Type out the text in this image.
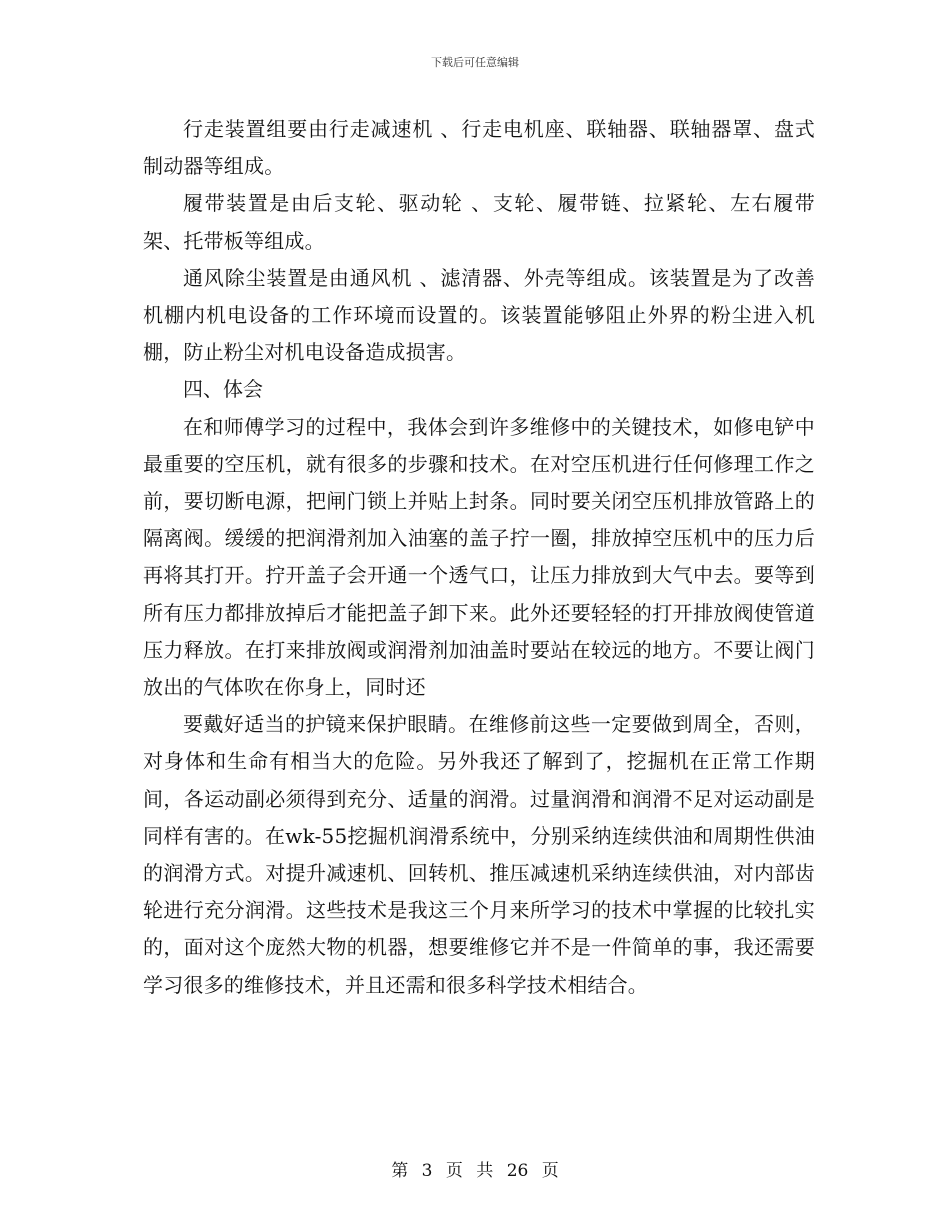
下载后可任意编辑

行走装置组要由行走减速机 、行走电机座、联轴器、联轴器罩、盘式制动器等组成。

履带装置是由后支轮、驱动轮 、支轮、履带链、拉紧轮、左右履带架、托带板等组成。

通风除尘装置是由通风机 、滤清器、外壳等组成。该装置是为了改善机棚内机电设备的工作环境而设置的。该装置能够阻止外界的粉尘进入机棚，防止粉尘对机电设备造成损害。

四、体会

在和师傅学习的过程中，我体会到许多维修中的关键技术，如修电铲中最重要的空压机，就有很多的步骤和技术。在对空压机进行任何修理工作之前，要切断电源，把闸门锁上并贴上封条。同时要关闭空压机排放管路上的隔离阀。缓缓的把润滑剂加入油塞的盖子拧一圈，排放掉空压机中的压力后再将其打开。拧开盖子会开通一个透气口，让压力排放到大气中去。要等到所有压力都排放掉后才能把盖子卸下来。此外还要轻轻的打开排放阀使管道压力释放。在打来排放阀或润滑剂加油盖时要站在较远的地方。不要让阀门放出的气体吹在你身上，同时还

要戴好适当的护镜来保护眼睛。在维修前这些一定要做到周全，否则，对身体和生命有相当大的危险。另外我还了解到了，挖掘机在正常工作期间，各运动副必须得到充分、适量的润滑。过量润滑和润滑不足对运动副是同样有害的。在wk-55挖掘机润滑系统中，分别采纳连续供油和周期性供油的润滑方式。对提升减速机、回转机、推压减速机采纳连续供油，对内部齿轮进行充分润滑。这些技术是我这三个月来所学习的技术中掌握的比较扎实的，面对这个庞然大物的机器，想要维修它并不是一件简单的事，我还需要学习很多的维修技术，并且还需和很多科学技术相结合。

第 3 页 共 26 页
